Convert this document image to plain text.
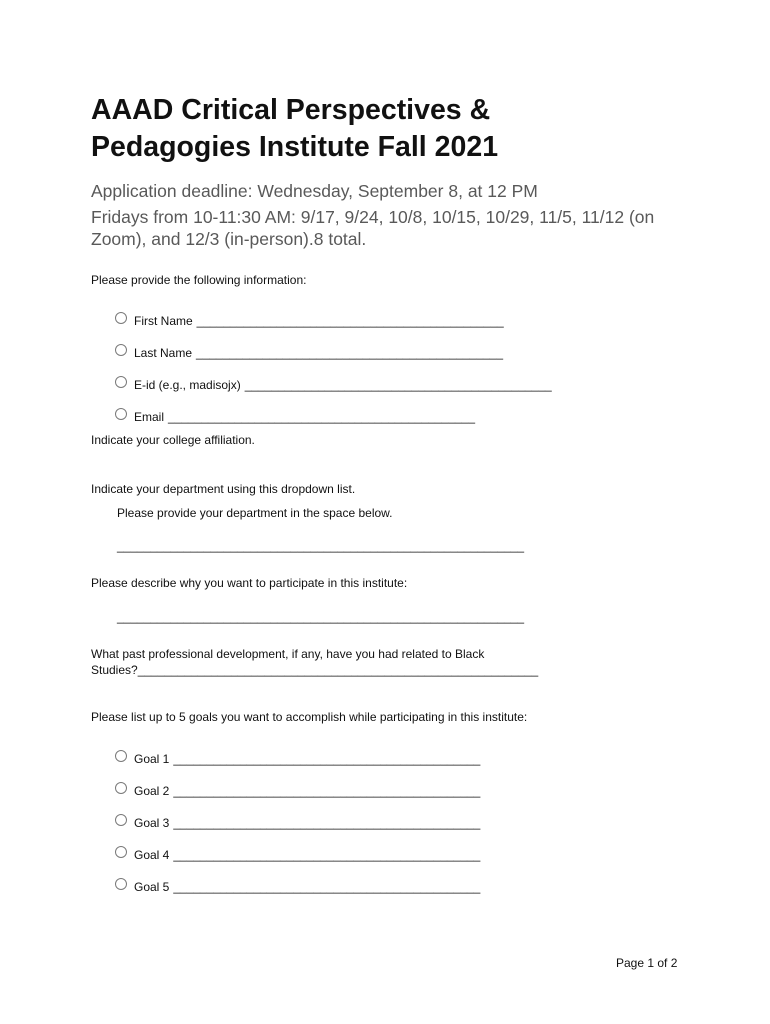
AAAD Critical Perspectives &
Pedagogies Institute Fall 2021

Application deadline: Wednesday, September 8, at 12 PM

Fridays from 10-11:30 AM: 9/17, 9/24, 10/8, 10/15, 10/29, 11/5, 11/12 (on Zoom), and 12/3 (in-person).8 total.

Please provide the following information:

First Name ______________________________________________
Last Name ______________________________________________
E-id (e.g., madisojx) ______________________________________________
Email ______________________________________________

Indicate your college affiliation.

Indicate your department using this dropdown list.

Please provide your department in the space below.

_____________________________________________________________

Please describe why you want to participate in this institute:

_____________________________________________________________

What past professional development, if any, have you had related to Black

Studies?____________________________________________________________

Please list up to 5 goals you want to accomplish while participating in this institute:

Goal 1 ______________________________________________
Goal 2 ______________________________________________
Goal 3 ______________________________________________
Goal 4 ______________________________________________
Goal 5 ______________________________________________
Page 1 of 2
